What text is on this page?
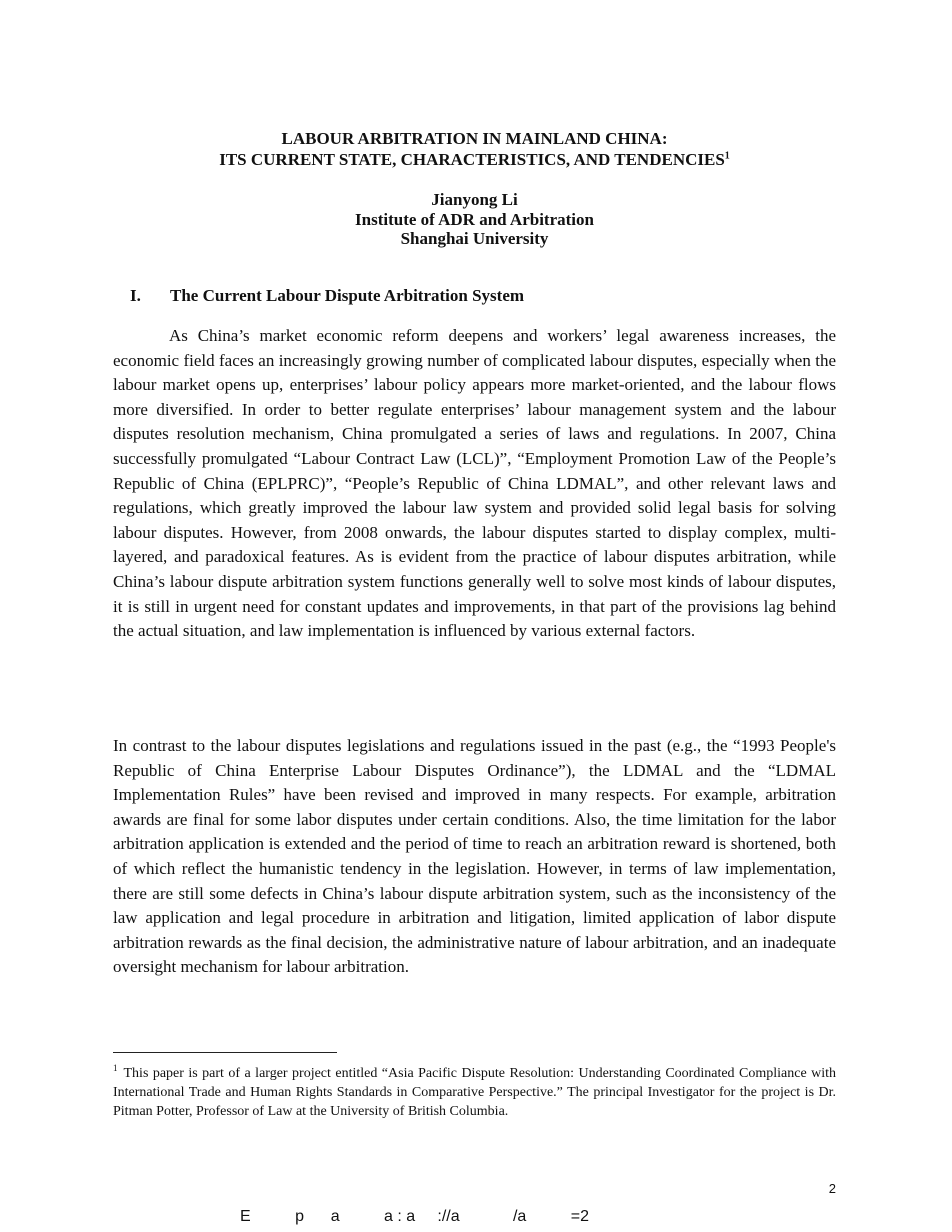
LABOUR ARBITRATION IN MAINLAND CHINA:
ITS CURRENT STATE, CHARACTERISTICS, AND TENDENCIES$^1$
Jianyong Li
Institute of ADR and Arbitration
Shanghai University
I. The Current Labour Dispute Arbitration System

As China’s market economic reform deepens and workers’ legal awareness increases, the economic field faces an increasingly growing number of complicated labour disputes, especially when the labour market opens up, enterprises’ labour policy appears more market-oriented, and the labour flows more diversified. In order to better regulate enterprises’ labour management system and the labour disputes resolution mechanism, China promulgated a series of laws and regulations. In 2007, China successfully promulgated “Labour Contract Law (LCL)”, “Employment Promotion Law of the People’s Republic of China (EPLPRC)”, “People’s Republic of China LDMAL”, and other relevant laws and regulations, which greatly improved the labour law system and provided solid legal basis for solving labour disputes. However, from 2008 onwards, the labour disputes started to display complex, multi-layered, and paradoxical features. As is evident from the practice of labour disputes arbitration, while China’s labour dispute arbitration system functions generally well to solve most kinds of labour disputes, it is still in urgent need for constant updates and improvements, in that part of the provisions lag behind the actual situation, and law implementation is influenced by various external factors.

In contrast to the labour disputes legislations and regulations issued in the past (e.g., the “1993 People's Republic of China Enterprise Labour Disputes Ordinance”), the LDMAL and the “LDMAL Implementation Rules” have been revised and improved in many respects. For example, arbitration awards are final for some labor disputes under certain conditions. Also, the time limitation for the labor arbitration application is extended and the period of time to reach an arbitration reward is shortened, both of which reflect the humanistic tendency in the legislation. However, in terms of law implementation, there are still some defects in China’s labour dispute arbitration system, such as the inconsistency of the law application and legal procedure in arbitration and litigation, limited application of labor dispute arbitration rewards as the final decision, the administrative nature of labour arbitration, and an inadequate oversight mechanism for labour arbitration.

$^1$ This paper is part of a larger project entitled “Asia Pacific Dispute Resolution: Understanding Coordinated Compliance with International Trade and Human Rights Standards in Comparative Perspective.” The principal Investigator for the project is Dr. Pitman Potter, Professor of Law at the University of British Columbia.

2
E          p      a          a : a     ://a            /a          =2
